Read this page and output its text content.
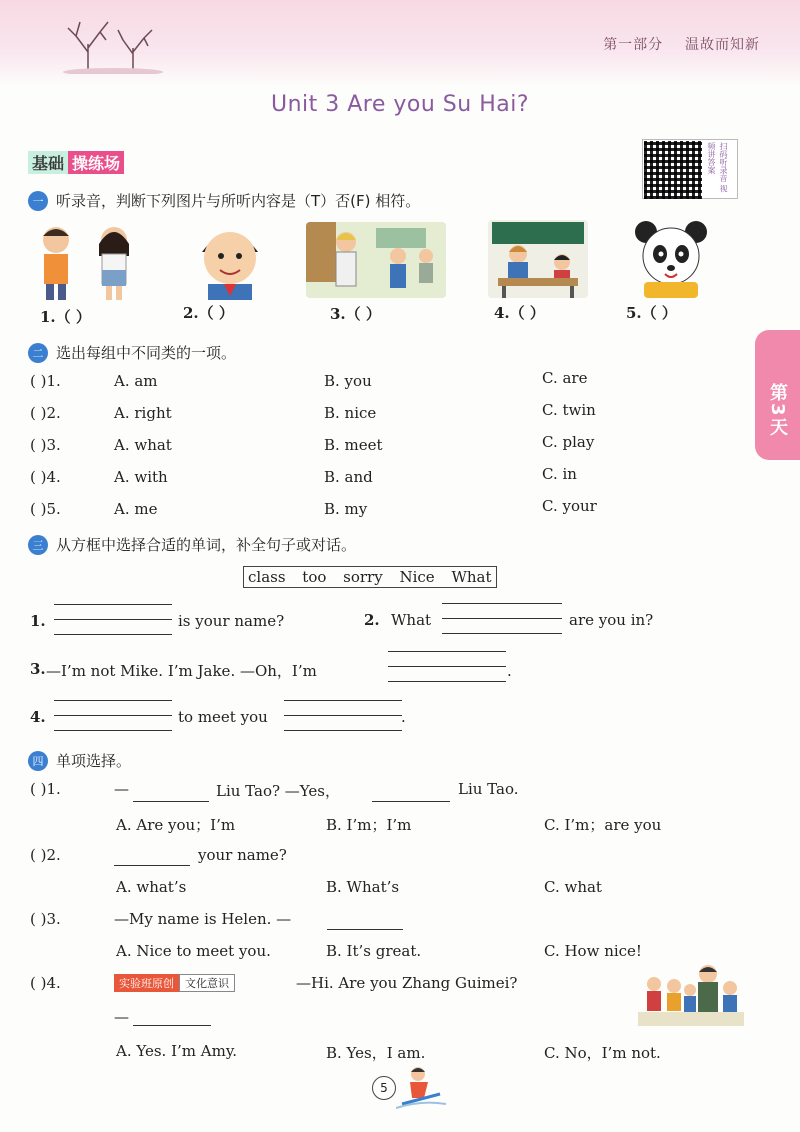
第一部分 温故而知新
Unit 3 Are you Su Hai?
基础 操练场	扫码听录音 视频讲答案
第3天
一 听录音，判断下列图片与所听内容是（T）否(F) 相符。
1.（ ）	2.（ ）	3.（ ）	4.（ ）	5.（ ）
二 选出每组中不同类的一项。
( )1.	A. am	B. you	C. are
( )2.	A. right	B. nice	C. twin
( )3.	A. what	B. meet	C. play
( )4.	A. with	B. and	C. in
( )5.	A. me	B. my	C. your
三 从方框中选择合适的单词，补全句子或对话。
class too sorry Nice What
1.	is your name?	2. What	are you in?
3. —I’m not Mike. I’m Jake. —Oh，I’m	.
4.	to meet you	.
四 单项选择。
( )1.	—	Liu Tao? —Yes，	Liu Tao.
A. Are you；I’m	B. I’m；I’m	C. I’m；are you
( )2.	your name?
A. what’s	B. What’s	C. what
( )3.	—My name is Helen. —
A. Nice to meet you.	B. It’s great.	C. How nice!
( )4.	实验班原创	文化意识	—Hi. Are you Zhang Guimei?
—
A. Yes. I’m Amy.	B. Yes，I am.	C. No，I’m not.
5
